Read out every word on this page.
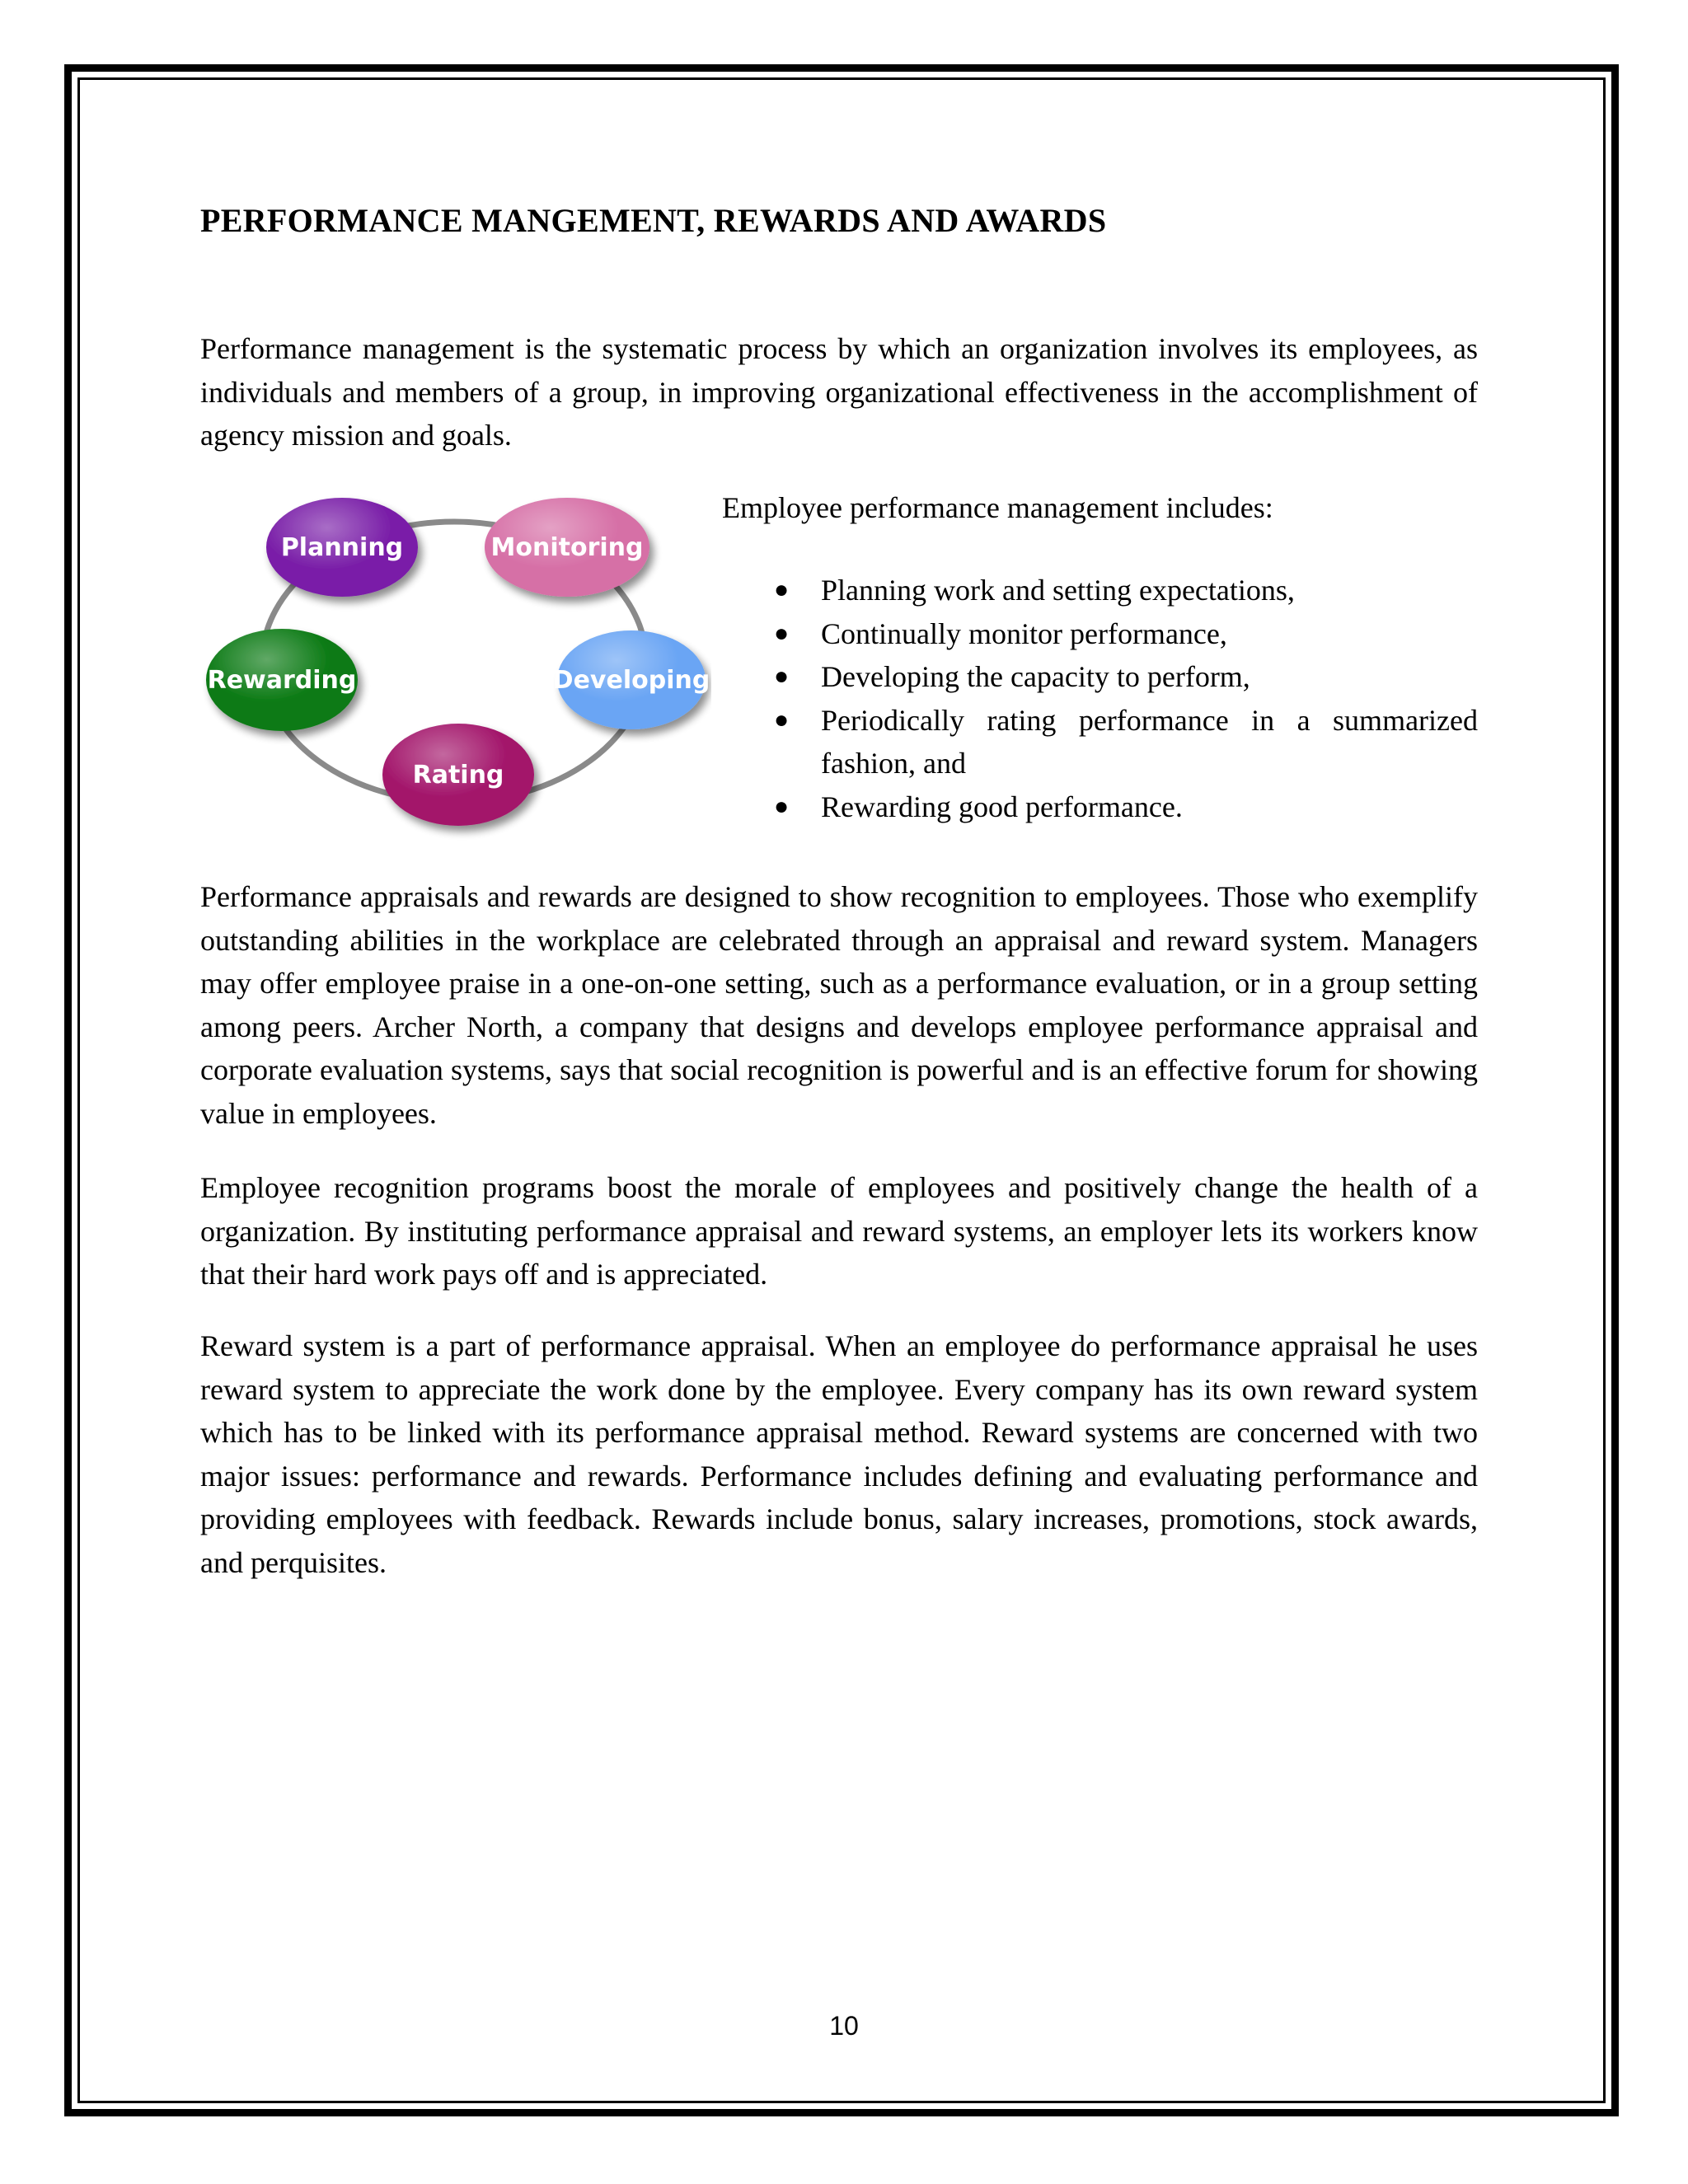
PERFORMANCE MANGEMENT, REWARDS AND AWARDS

Performance management is the systematic process by which an organization involves its employees, as individuals and members of a group, in improving organizational effectiveness in the accomplishment of agency mission and goals.

Performance appraisals and rewards are designed to show recognition to employees. Those who exemplify outstanding abilities in the workplace are celebrated through an appraisal and reward system. Managers may offer employee praise in a one-on-one setting, such as a performance evaluation, or in a group setting among peers. Archer North, a company that designs and develops employee performance appraisal and corporate evaluation systems, says that social recognition is powerful and is an effective forum for showing value in employees.

Employee recognition programs boost the morale of employees and positively change the health of a organization. By instituting performance appraisal and reward systems, an employer lets its workers know that their hard work pays off and is appreciated.

Reward system is a part of performance appraisal. When an employee do performance appraisal he uses reward system to appreciate the work done by the employee. Every company has its own reward system which has to be linked with its performance appraisal method. Reward systems are concerned with two major issues: performance and rewards. Performance includes defining and evaluating performance and providing employees with feedback. Rewards include bonus, salary increases, promotions, stock awards, and perquisites.

Planning	Monitoring
Developing
Rating
Rewarding

Employee performance management includes:

● Planning work and setting expectations,
● Continually monitor performance,
● Developing the capacity to perform,
● Periodically rating performance in a summarized fashion, and
● Rewarding good performance.
10
